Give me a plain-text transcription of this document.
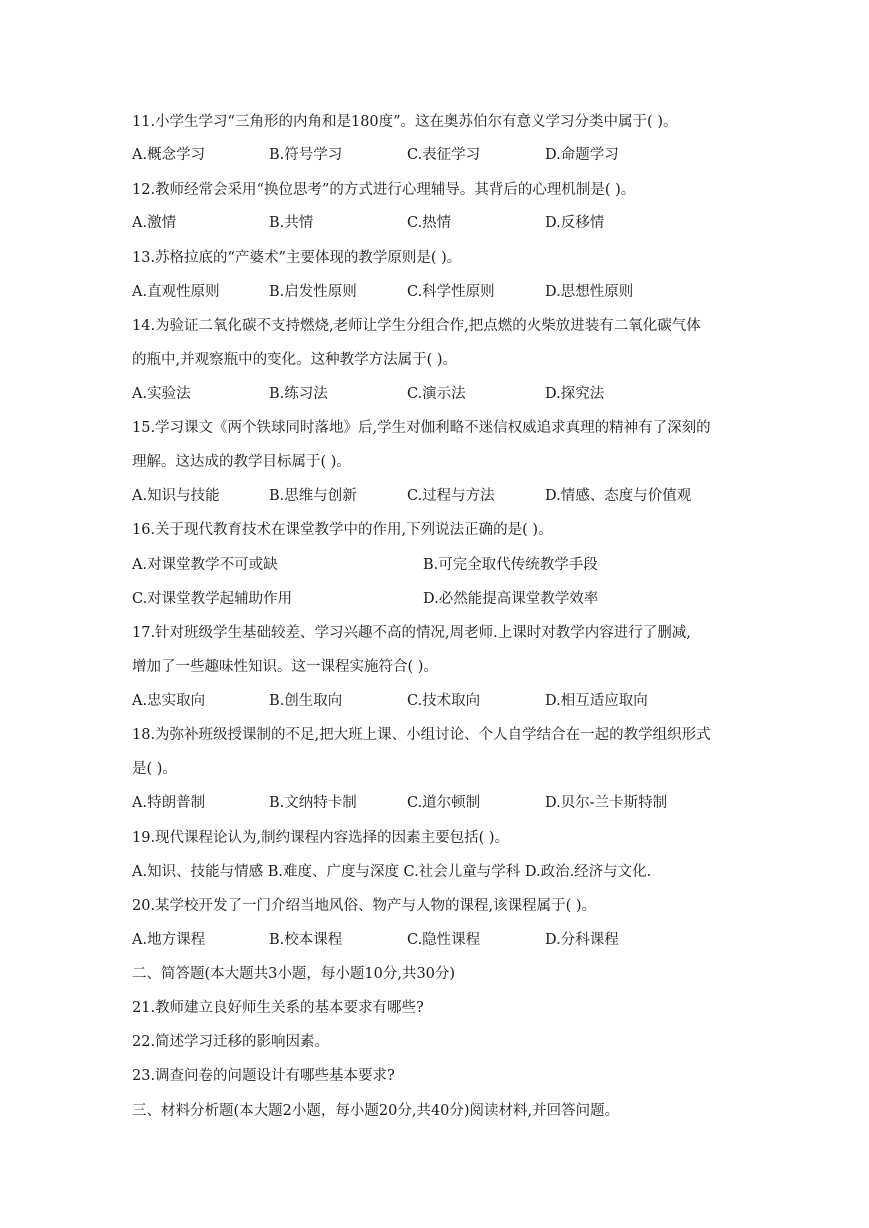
11.小学生学习“三角形的内角和是180度”。这在奥苏伯尔有意义学习分类中属于( )。
A.概念学习	B.符号学习	C.表征学习	D.命题学习
12.教师经常会采用“换位思考”的方式进行心理辅导。其背后的心理机制是( )。
A.激情	B.共情	C.热情	D.反移情
13.苏格拉底的“产婆术”主要体现的教学原则是( )。
A.直观性原则	B.启发性原则	C.科学性原则	D.思想性原则
14.为验证二氧化碳不支持燃烧,老师让学生分组合作,把点燃的火柴放进装有二氧化碳气体
的瓶中,并观察瓶中的变化。这种教学方法属于( )。
A.实验法	B.练习法	C.演示法	D.探究法
15.学习课文《两个铁球同时落地》后,学生对伽利略不迷信权威追求真理的精神有了深刻的
理解。这达成的教学目标属于( )。
A.知识与技能	B.思维与创新	C.过程与方法	D.情感、态度与价值观
16.关于现代教育技术在课堂教学中的作用,下列说法正确的是( )。
A.对课堂教学不可或缺	B.可完全取代传统教学手段
C.对课堂教学起辅助作用	D.必然能提高课堂教学效率
17.针对班级学生基础较差、学习兴趣不高的情况,周老师.上课时对教学内容进行了删减,
增加了一些趣味性知识。这一课程实施符合( )。
A.忠实取向	B.创生取向	C.技术取向	D.相互适应取向
18.为弥补班级授课制的不足,把大班上课、小组讨论、个人自学结合在一起的教学组织形式
是( )。
A.特朗普制	B.文纳特卡制	C.道尔顿制	D.贝尔-兰卡斯特制
19.现代课程论认为,制约课程内容选择的因素主要包括( )。
A.知识、技能与情感 B.难度、广度与深度 C.社会儿童与学科 D.政治.经济与文化.
20.某学校开发了一门介绍当地风俗、物产与人物的课程,该课程属于( )。
A.地方课程	B.校本课程	C.隐性课程	D.分科课程
二、简答题(本大题共3小题，每小题10分,共30分)
21.教师建立良好师生关系的基本要求有哪些?
22.简述学习迁移的影响因素。
23.调查问卷的问题设计有哪些基本要求?
三、材料分析题(本大题2小题，每小题20分,共40分)阅读材料,并回答问题。
